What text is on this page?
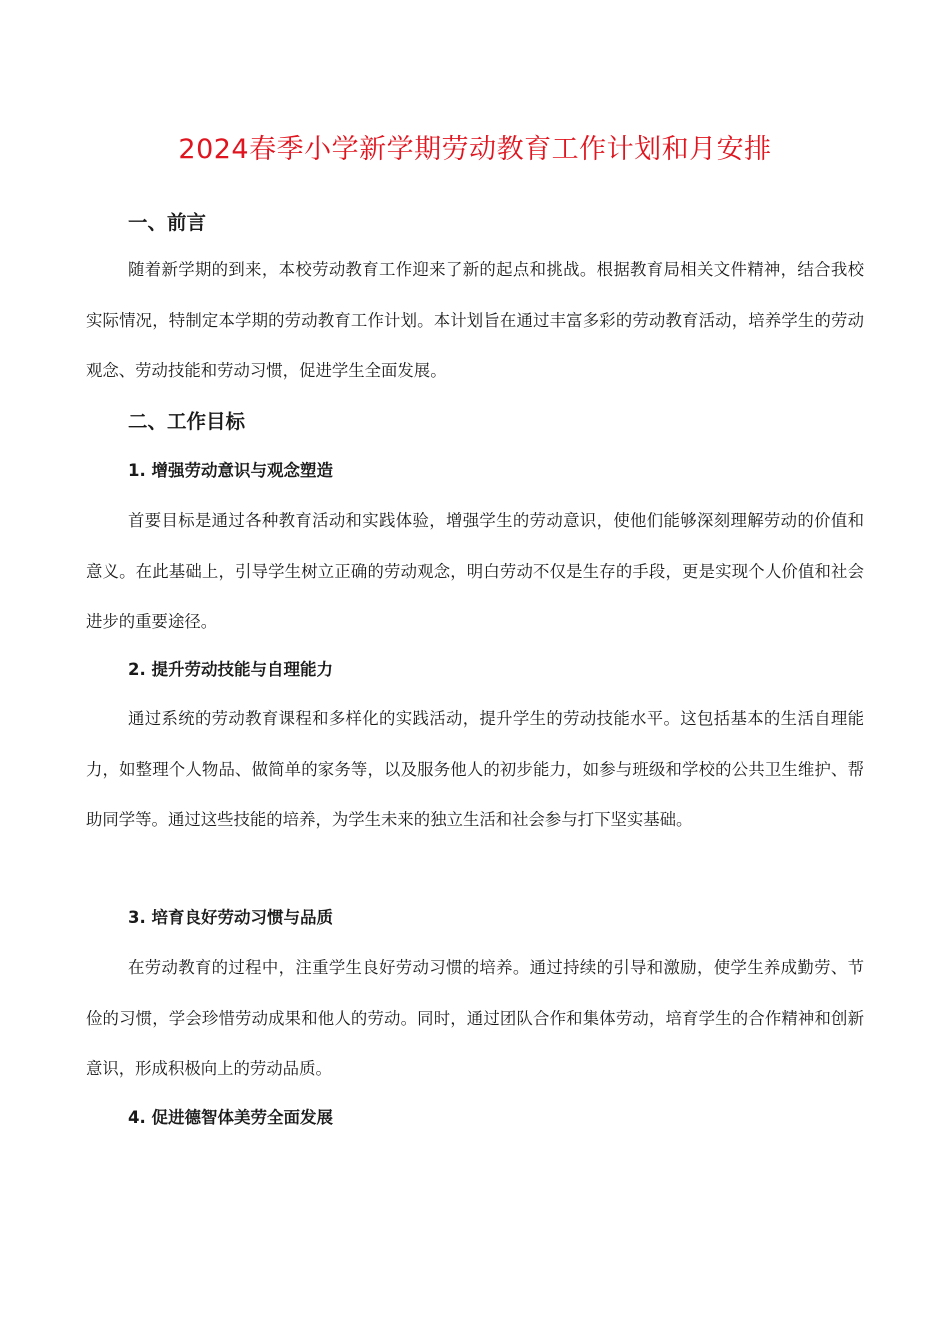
2024春季小学新学期劳动教育工作计划和月安排
一、前言
随着新学期的到来，本校劳动教育工作迎来了新的起点和挑战。根据教育局相关文件精神，结合我校实际情况，特制定本学期的劳动教育工作计划。本计划旨在通过丰富多彩的劳动教育活动，培养学生的劳动观念、劳动技能和劳动习惯，促进学生全面发展。
二、工作目标
1. 增强劳动意识与观念塑造
首要目标是通过各种教育活动和实践体验，增强学生的劳动意识，使他们能够深刻理解劳动的价值和意义。在此基础上，引导学生树立正确的劳动观念，明白劳动不仅是生存的手段，更是实现个人价值和社会进步的重要途径。
2. 提升劳动技能与自理能力
通过系统的劳动教育课程和多样化的实践活动，提升学生的劳动技能水平。这包括基本的生活自理能力，如整理个人物品、做简单的家务等，以及服务他人的初步能力，如参与班级和学校的公共卫生维护、帮助同学等。通过这些技能的培养，为学生未来的独立生活和社会参与打下坚实基础。
3. 培育良好劳动习惯与品质
在劳动教育的过程中，注重学生良好劳动习惯的培养。通过持续的引导和激励，使学生养成勤劳、节俭的习惯，学会珍惜劳动成果和他人的劳动。同时，通过团队合作和集体劳动，培育学生的合作精神和创新意识，形成积极向上的劳动品质。
4. 促进德智体美劳全面发展
